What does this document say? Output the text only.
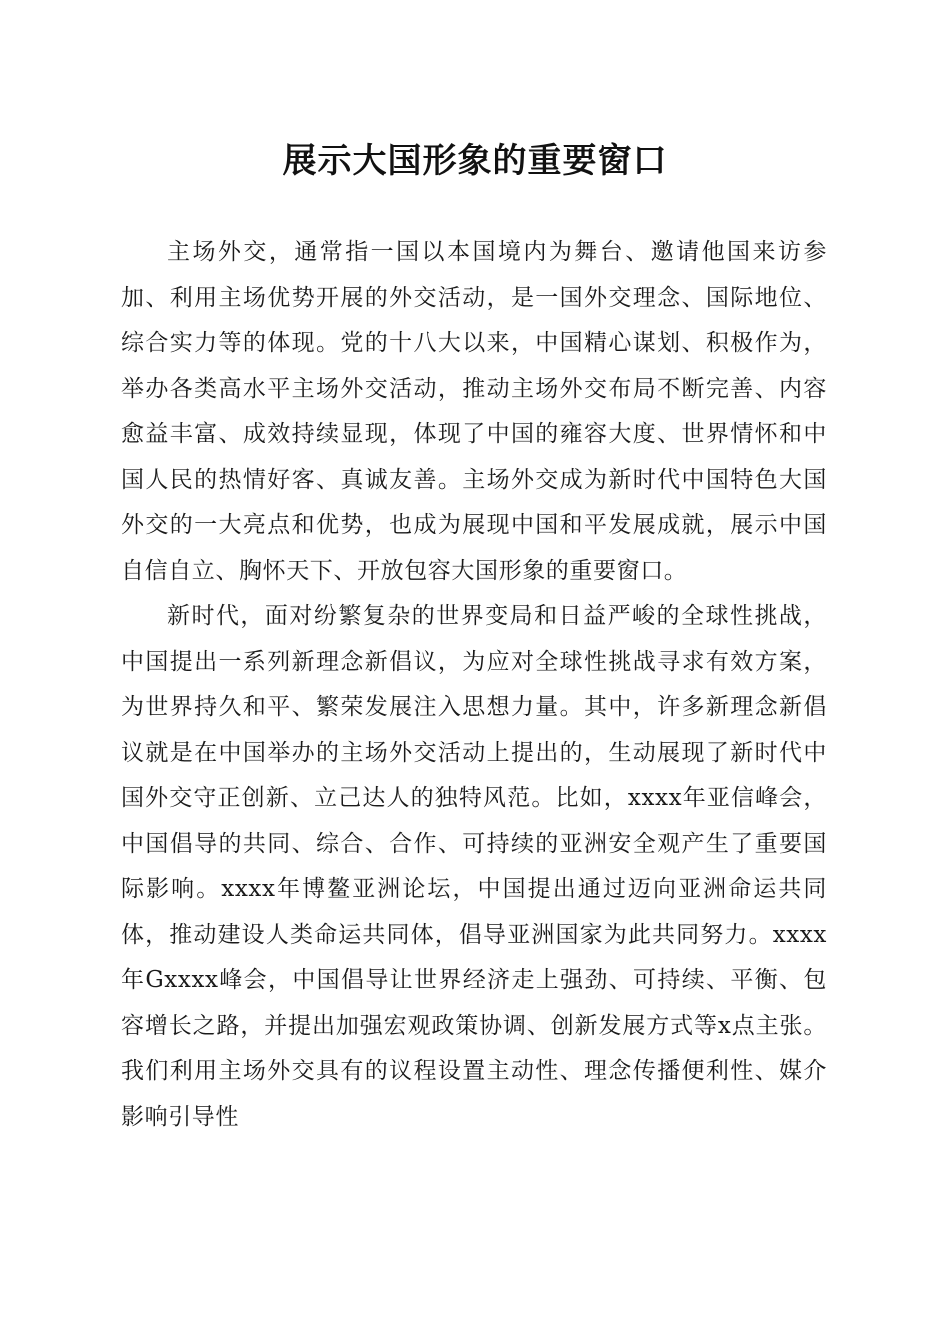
展示大国形象的重要窗口

主场外交，通常指一国以本国境内为舞台、邀请他国来访参加、利用主场优势开展的外交活动，是一国外交理念、国际地位、综合实力等的体现。党的十八大以来，中国精心谋划、积极作为，举办各类高水平主场外交活动，推动主场外交布局不断完善、内容愈益丰富、成效持续显现，体现了中国的雍容大度、世界情怀和中国人民的热情好客、真诚友善。主场外交成为新时代中国特色大国外交的一大亮点和优势，也成为展现中国和平发展成就，展示中国自信自立、胸怀天下、开放包容大国形象的重要窗口。

新时代，面对纷繁复杂的世界变局和日益严峻的全球性挑战，中国提出一系列新理念新倡议，为应对全球性挑战寻求有效方案，为世界持久和平、繁荣发展注入思想力量。其中，许多新理念新倡议就是在中国举办的主场外交活动上提出的，生动展现了新时代中国外交守正创新、立己达人的独特风范。比如，xxxx年亚信峰会，中国倡导的共同、综合、合作、可持续的亚洲安全观产生了重要国际影响。xxxx年博鳌亚洲论坛，中国提出通过迈向亚洲命运共同体，推动建设人类命运共同体，倡导亚洲国家为此共同努力。xxxx年Gxxxx峰会，中国倡导让世界经济走上强劲、可持续、平衡、包容增长之路，并提出加强宏观政策协调、创新发展方式等x点主张。我们利用主场外交具有的议程设置主动性、理念传播便利性、媒介影响引导性
